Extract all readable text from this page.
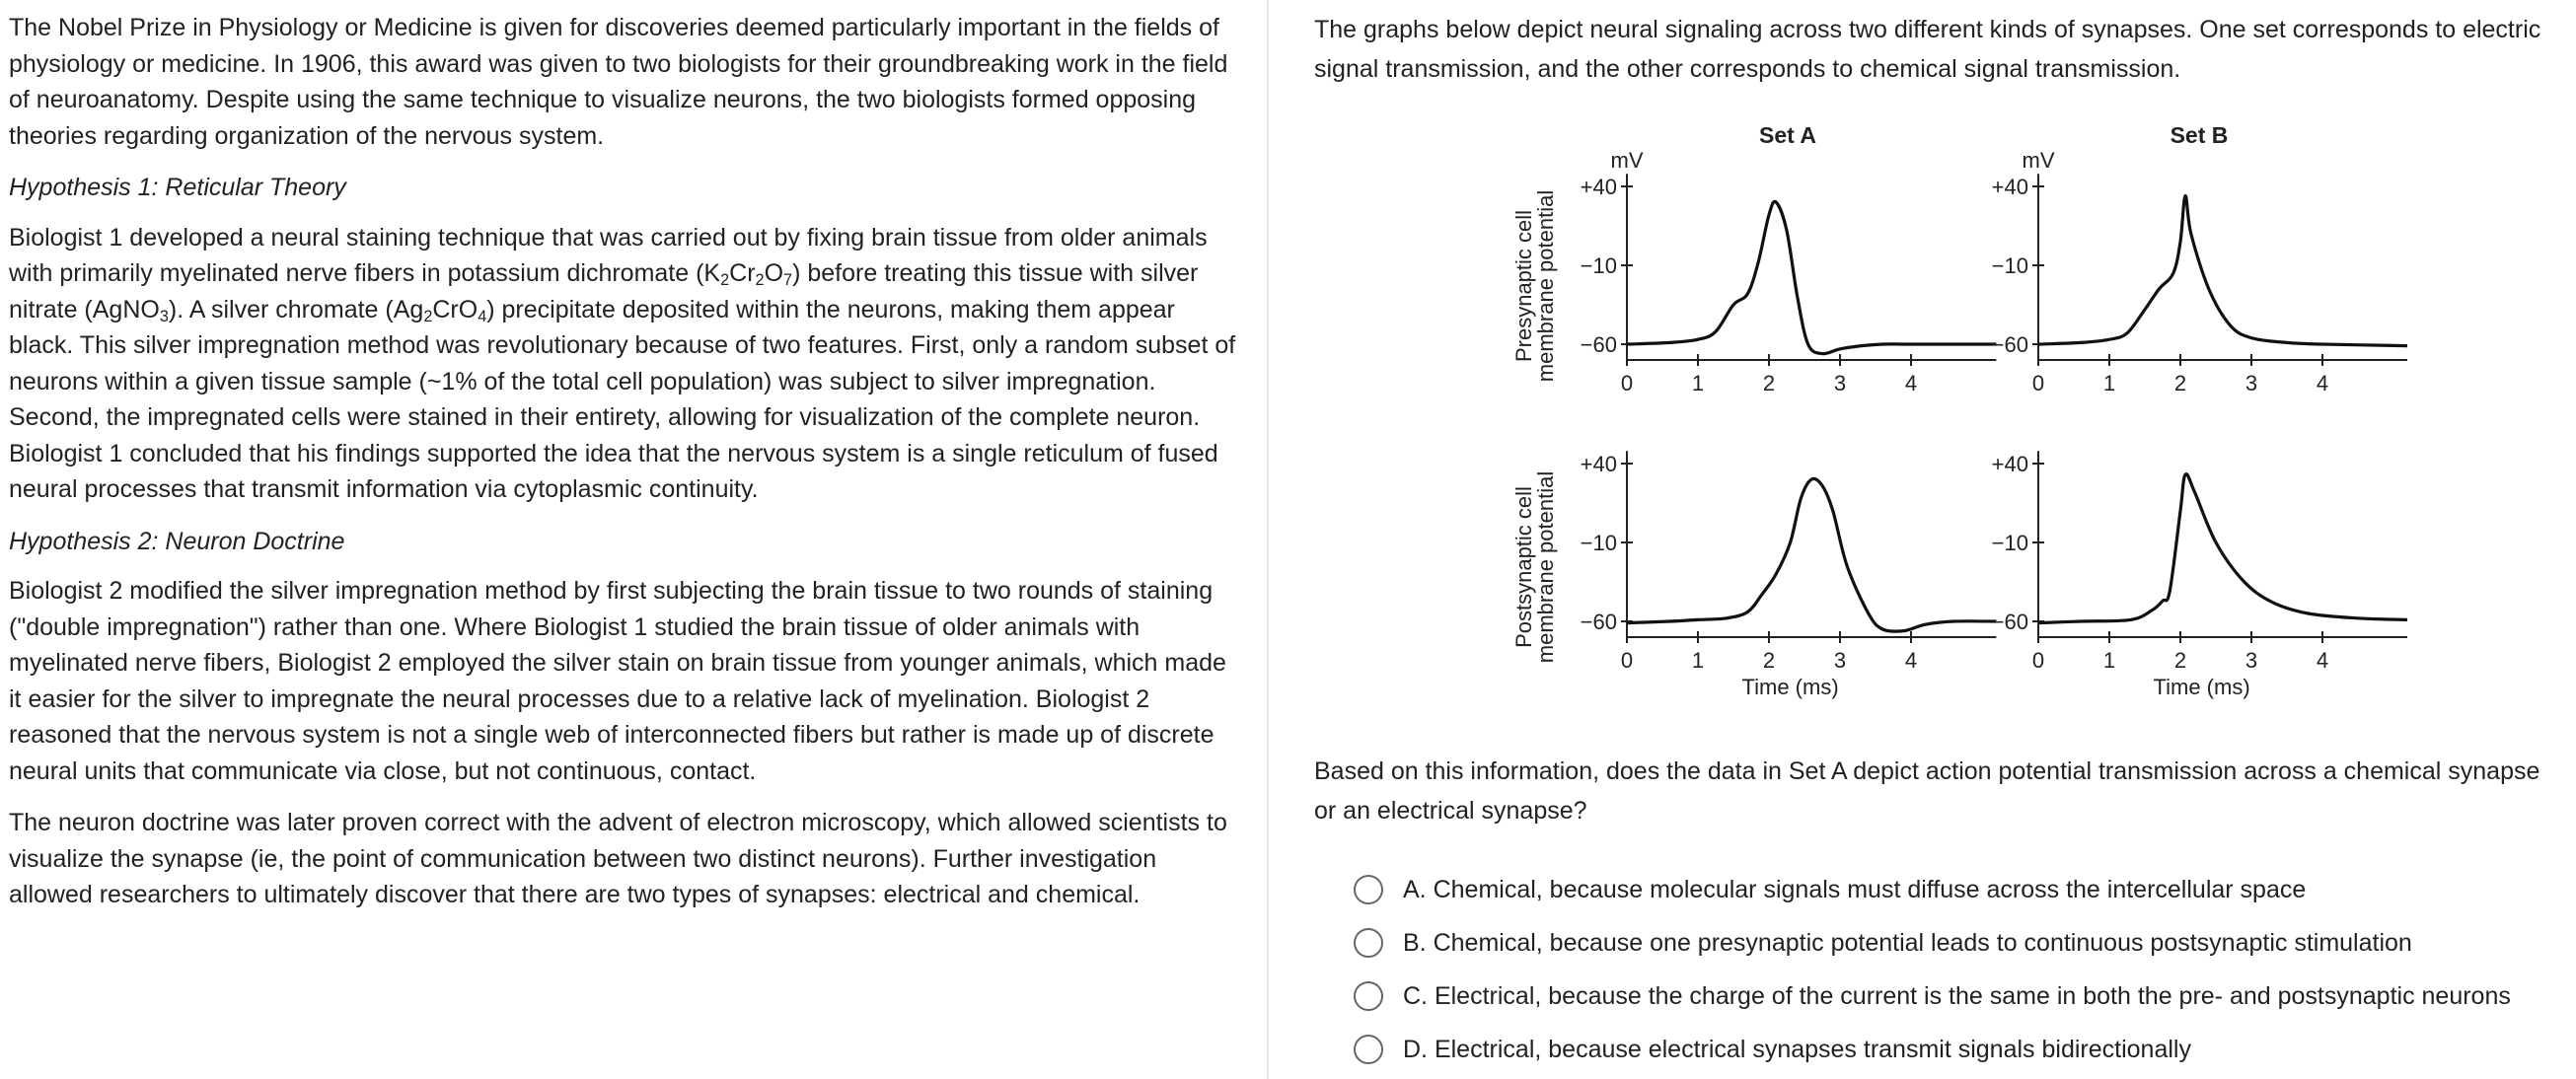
The Nobel Prize in Physiology or Medicine is given for discoveries deemed particularly important in the fields of physiology or medicine. In 1906, this award was given to two biologists for their groundbreaking work in the field of neuroanatomy. Despite using the same technique to visualize neurons, the two biologists formed opposing theories regarding organization of the nervous system.

Hypothesis 1: Reticular Theory

Biologist 1 developed a neural staining technique that was carried out by fixing brain tissue from older animals with primarily myelinated nerve fibers in potassium dichromate $(K_2Cr_2O_7)$ before treating this tissue with silver nitrate (AgNO$_3$). A silver chromate $(Ag_2CrO_4)$ precipitate deposited within the neurons, making them appear black. This silver impregnation method was revolutionary because of two features. First, only a random subset of neurons within a given tissue sample (~1% of the total cell population) was subject to silver impregnation. Second, the impregnated cells were stained in their entirety, allowing for visualization of the complete neuron. Biologist 1 concluded that his findings supported the idea that the nervous system is a single reticulum of fused neural processes that transmit information via cytoplasmic continuity.

Hypothesis 2: Neuron Doctrine

Biologist 2 modified the silver impregnation method by first subjecting the brain tissue to two rounds of staining ("double impregnation") rather than one. Where Biologist 1 studied the brain tissue of older animals with myelinated nerve fibers, Biologist 2 employed the silver stain on brain tissue from younger animals, which made it easier for the silver to impregnate the neural processes due to a relative lack of myelination. Biologist 2 reasoned that the nervous system is not a single web of interconnected fibers but rather is made up of discrete neural units that communicate via close, but not continuous, contact.

The neuron doctrine was later proven correct with the advent of electron microscopy, which allowed scientists to visualize the synapse (ie, the point of communication between two distinct neurons). Further investigation allowed researchers to ultimately discover that there are two types of synapses: electrical and chemical.

The graphs below depict neural signaling across two different kinds of synapses. One set corresponds to electric signal transmission, and the other corresponds to chemical signal transmission.

Set A	Set B
Presynaptic cell
membrane potential
Postsynaptic cell
membrane potential
mV
+40
−10
−60
0	1	2	3	4
mV
+40
−10
−60
0	1	2	3	4
+40
−10
−60
0	1	2	3	4
Time (ms)
+40
−10
−60
0	1	2	3	4
Time (ms)

Based on this information, does the data in Set A depict action potential transmission across a chemical synapse or an electrical synapse?

A. Chemical, because molecular signals must diffuse across the intercellular space
B. Chemical, because one presynaptic potential leads to continuous postsynaptic stimulation
C. Electrical, because the charge of the current is the same in both the pre- and postsynaptic neurons
D. Electrical, because electrical synapses transmit signals bidirectionally
